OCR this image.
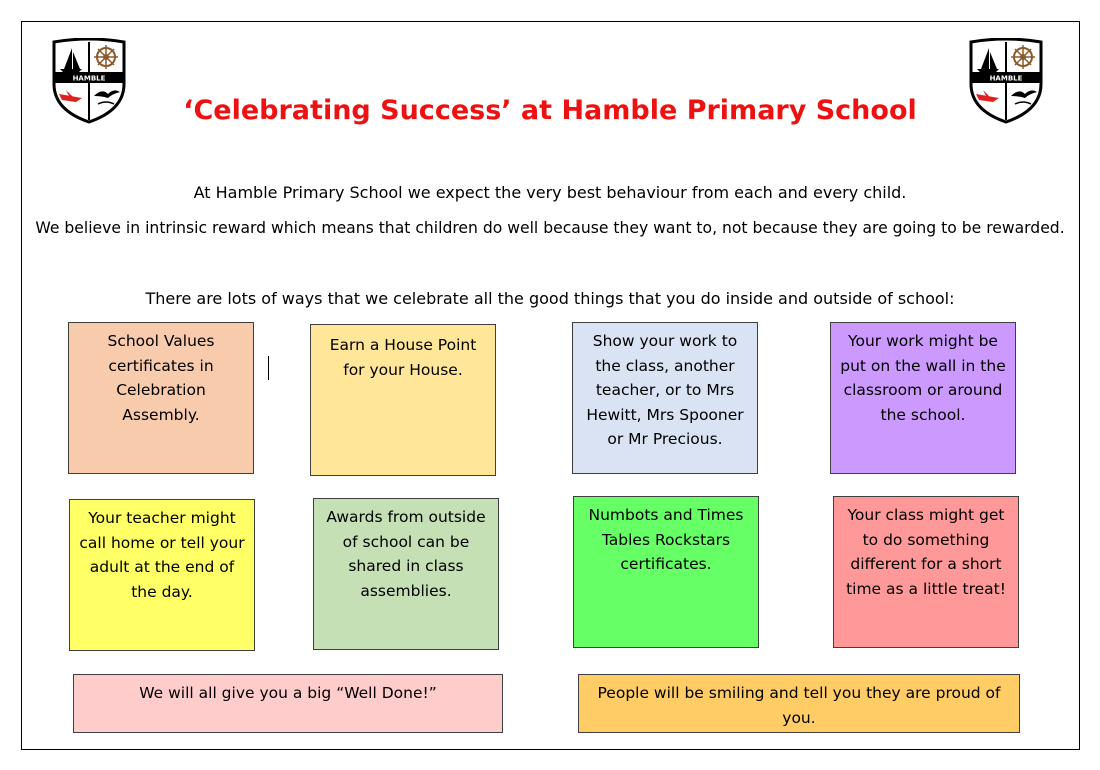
HAMBLE	HAMBLE
‘Celebrating Success’ at Hamble Primary School
At Hamble Primary School we expect the very best behaviour from each and every child.
We believe in intrinsic reward which means that children do well because they want to, not because they are going to be rewarded.
There are lots of ways that we celebrate all the good things that you do inside and outside of school:
School Values certificates in Celebration Assembly.
Earn a House Point for your House.
Show your work to the class, another teacher, or to Mrs Hewitt, Mrs Spooner or Mr Precious.
Your work might be put on the wall in the classroom or around the school.
Your teacher might call home or tell your adult at the end of the day.
Awards from outside of school can be shared in class assemblies.
Numbots and Times Tables Rockstars certificates.
Your class might get to do something different for a short time as a little treat!
We will all give you a big “Well Done!”	People will be smiling and tell you they are proud of you.
